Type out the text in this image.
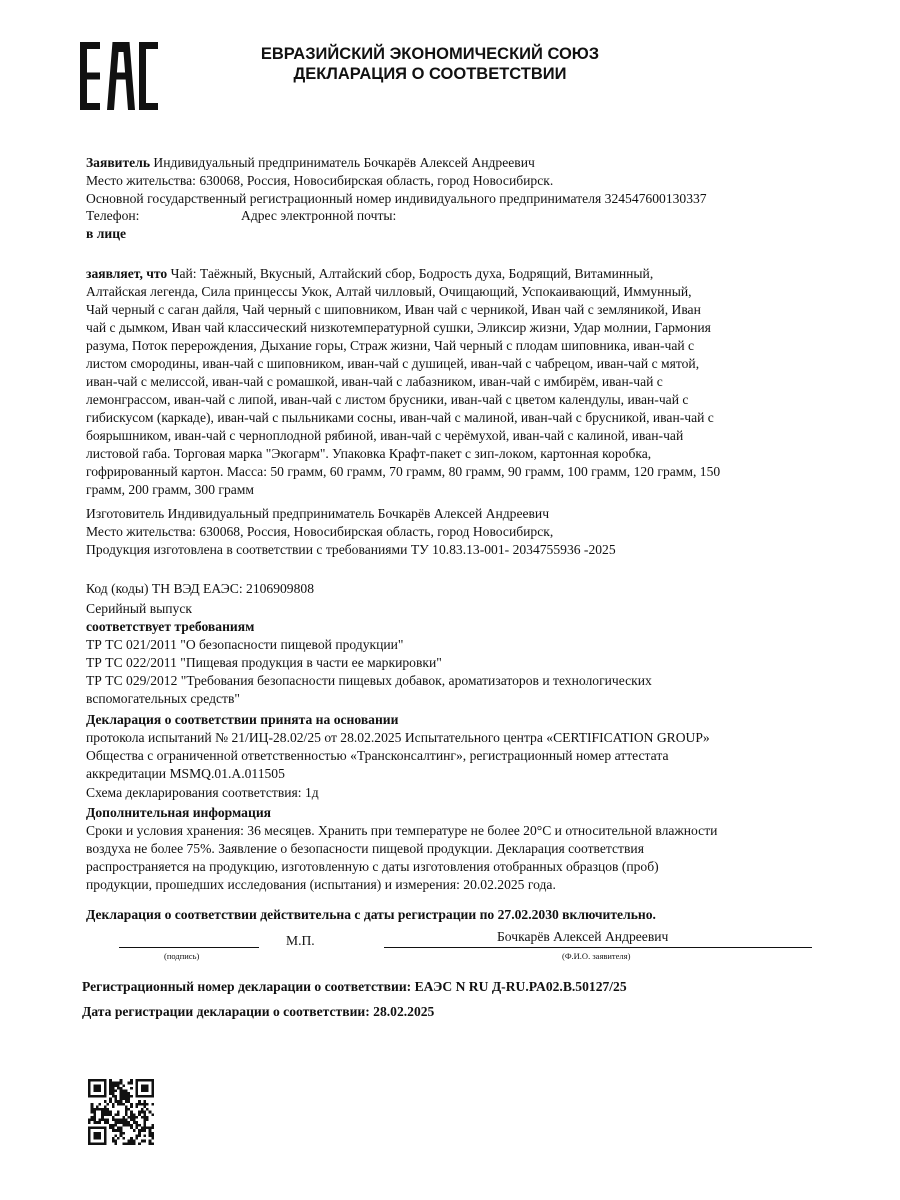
ЕВРАЗИЙСКИЙ ЭКОНОМИЧЕСКИЙ СОЮЗ
ДЕКЛАРАЦИЯ О СООТВЕТСТВИИ
Заявитель Индивидуальный предприниматель Бочкарёв Алексей Андреевич
Место жительства: 630068, Россия, Новосибирская область, город Новосибирск.
Основной государственный регистрационный номер индивидуального предпринимателя 324547600130337
Телефон:	Адрес электронной почты:
в лице
заявляет, что Чай: Таёжный, Вкусный, Алтайский сбор, Бодрость духа, Бодрящий, Витаминный,
Алтайская легенда, Сила принцессы Укок, Алтай чилловый, Очищающий, Успокаивающий, Иммунный,
Чай черный с саган дайля, Чай черный с шиповником, Иван чай с черникой, Иван чай с земляникой, Иван
чай с дымком, Иван чай классический низкотемпературной сушки, Эликсир жизни, Удар молнии, Гармония
разума, Поток перерождения, Дыхание горы, Страж жизни, Чай черный с плодам шиповника, иван-чай с
листом смородины, иван-чай с шиповником, иван-чай с душицей, иван-чай с чабрецом, иван-чай с мятой,
иван-чай с мелиссой, иван-чай с ромашкой, иван-чай с лабазником, иван-чай с имбирём, иван-чай с
лемонграссом, иван-чай с липой, иван-чай с листом брусники, иван-чай с цветом календулы, иван-чай с
гибискусом (каркаде), иван-чай с пыльниками сосны, иван-чай с малиной, иван-чай с брусникой, иван-чай с
боярышником, иван-чай с черноплодной рябиной, иван-чай с черёмухой, иван-чай с калиной, иван-чай
листовой габа. Торговая марка "Экогарм". Упаковка Крафт-пакет с зип-локом, картонная коробка,
гофрированный картон. Масса: 50 грамм, 60 грамм, 70 грамм, 80 грамм, 90 грамм, 100 грамм, 120 грамм, 150
грамм, 200 грамм, 300 грамм
Изготовитель Индивидуальный предприниматель Бочкарёв Алексей Андреевич
Место жительства: 630068, Россия, Новосибирская область, город Новосибирск,
Продукция изготовлена в соответствии с требованиями ТУ 10.83.13-001- 2034755936 -2025
Код (коды) ТН ВЭД ЕАЭС: 2106909808
Серийный выпуск
соответствует требованиям
ТР ТС 021/2011 "О безопасности пищевой продукции"
ТР ТС 022/2011 "Пищевая продукция в части ее маркировки"
ТР ТС 029/2012 "Требования безопасности пищевых добавок, ароматизаторов и технологических
вспомогательных средств"
Декларация о соответствии принята на основании
протокола испытаний № 21/ИЦ-28.02/25 от 28.02.2025 Испытательного центра «CERTIFICATION GROUP»
Общества с ограниченной ответственностью «Трансконсалтинг», регистрационный номер аттестата
аккредитации MSMQ.01.A.011505
Схема декларирования соответствия: 1д
Дополнительная информация
Сроки и условия хранения: 36 месяцев. Хранить при температуре не более 20°С и относительной влажности
воздуха не более 75%. Заявление о безопасности пищевой продукции. Декларация соответствия
распространяется на продукцию, изготовленную с даты изготовления отобранных образцов (проб)
продукции, прошедших исследования (испытания) и измерения: 20.02.2025 года.
Декларация о соответствии действительна с даты регистрации по 27.02.2030 включительно.
(подпись)
М.П.	Бочкарёв Алексей Андреевич
(Ф.И.О. заявителя)
Регистрационный номер декларации о соответствии: ЕАЭС N RU Д-RU.PA02.B.50127/25
Дата регистрации декларации о соответствии: 28.02.2025
